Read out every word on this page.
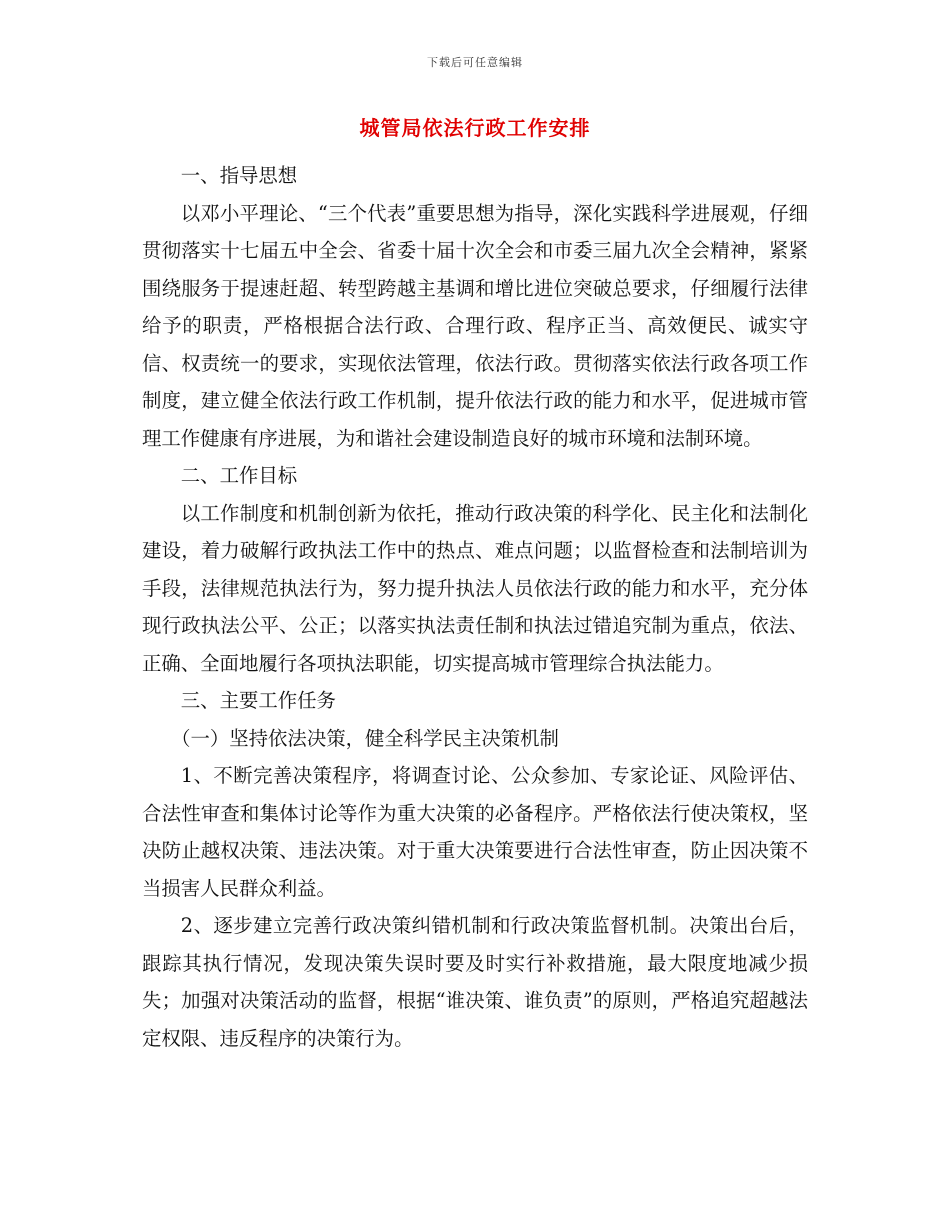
下载后可任意编辑
城管局依法行政工作安排

一、指导思想

以邓小平理论、“三个代表”重要思想为指导，深化实践科学进展观，仔细贯彻落实十七届五中全会、省委十届十次全会和市委三届九次全会精神，紧紧围绕服务于提速赶超、转型跨越主基调和增比进位突破总要求，仔细履行法律给予的职责，严格根据合法行政、合理行政、程序正当、高效便民、诚实守信、权责统一的要求，实现依法管理，依法行政。贯彻落实依法行政各项工作制度，建立健全依法行政工作机制，提升依法行政的能力和水平，促进城市管理工作健康有序进展，为和谐社会建设制造良好的城市环境和法制环境。

二、工作目标

以工作制度和机制创新为依托，推动行政决策的科学化、民主化和法制化建设，着力破解行政执法工作中的热点、难点问题；以监督检查和法制培训为手段，法律规范执法行为，努力提升执法人员依法行政的能力和水平，充分体现行政执法公平、公正；以落实执法责任制和执法过错追究制为重点，依法、正确、全面地履行各项执法职能，切实提高城市管理综合执法能力。

三、主要工作任务

（一）坚持依法决策，健全科学民主决策机制

1、不断完善决策程序，将调查讨论、公众参加、专家论证、风险评估、合法性审查和集体讨论等作为重大决策的必备程序。严格依法行使决策权，坚决防止越权决策、违法决策。对于重大决策要进行合法性审查，防止因决策不当损害人民群众利益。

2、逐步建立完善行政决策纠错机制和行政决策监督机制。决策出台后，跟踪其执行情况，发现决策失误时要及时实行补救措施，最大限度地减少损失；加强对决策活动的监督，根据“谁决策、谁负责”的原则，严格追究超越法定权限、违反程序的决策行为。
